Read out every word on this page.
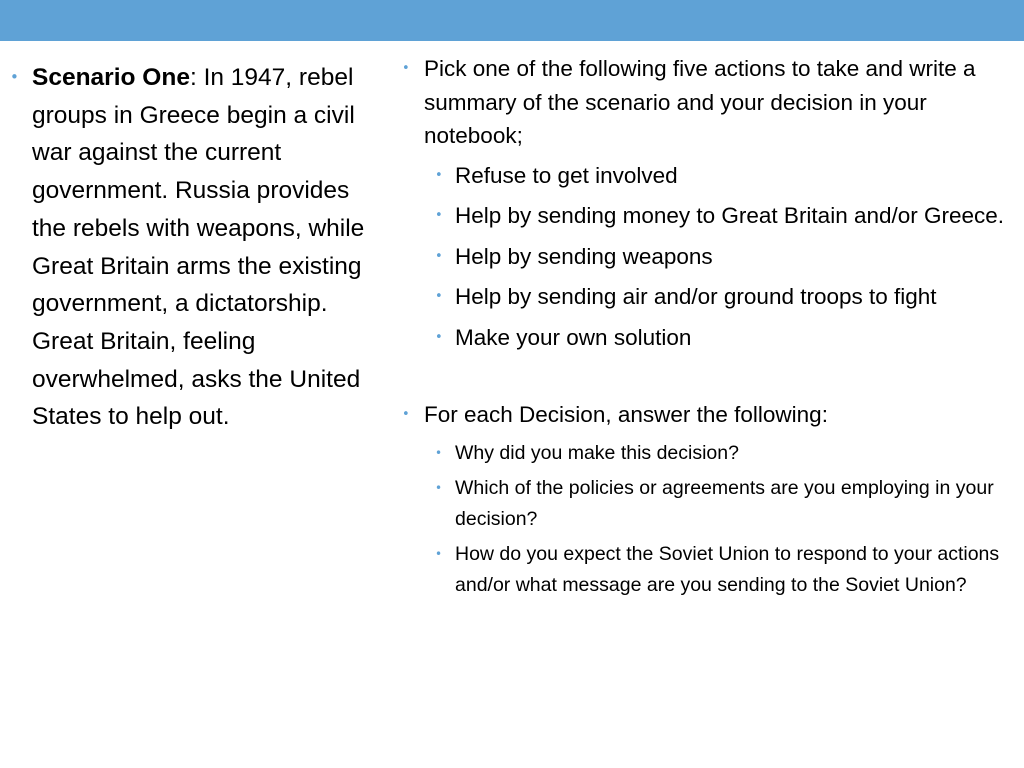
• Scenario One: In 1947, rebel groups in Greece begin a civil war against the current government. Russia provides the rebels with weapons, while Great Britain arms the existing government, a dictatorship. Great Britain, feeling overwhelmed, asks the United States to help out.
• Pick one of the following five actions to take and write a summary of the scenario and your decision in your notebook;
• Refuse to get involved
• Help by sending money to Great Britain and/or Greece.
• Help by sending weapons
• Help by sending air and/or ground troops to fight
• Make your own solution
• For each Decision, answer the following:
• Why did you make this decision?
• Which of the policies or agreements are you employing in your decision?
• How do you expect the Soviet Union to respond to your actions and/or what message are you sending to the Soviet Union?
